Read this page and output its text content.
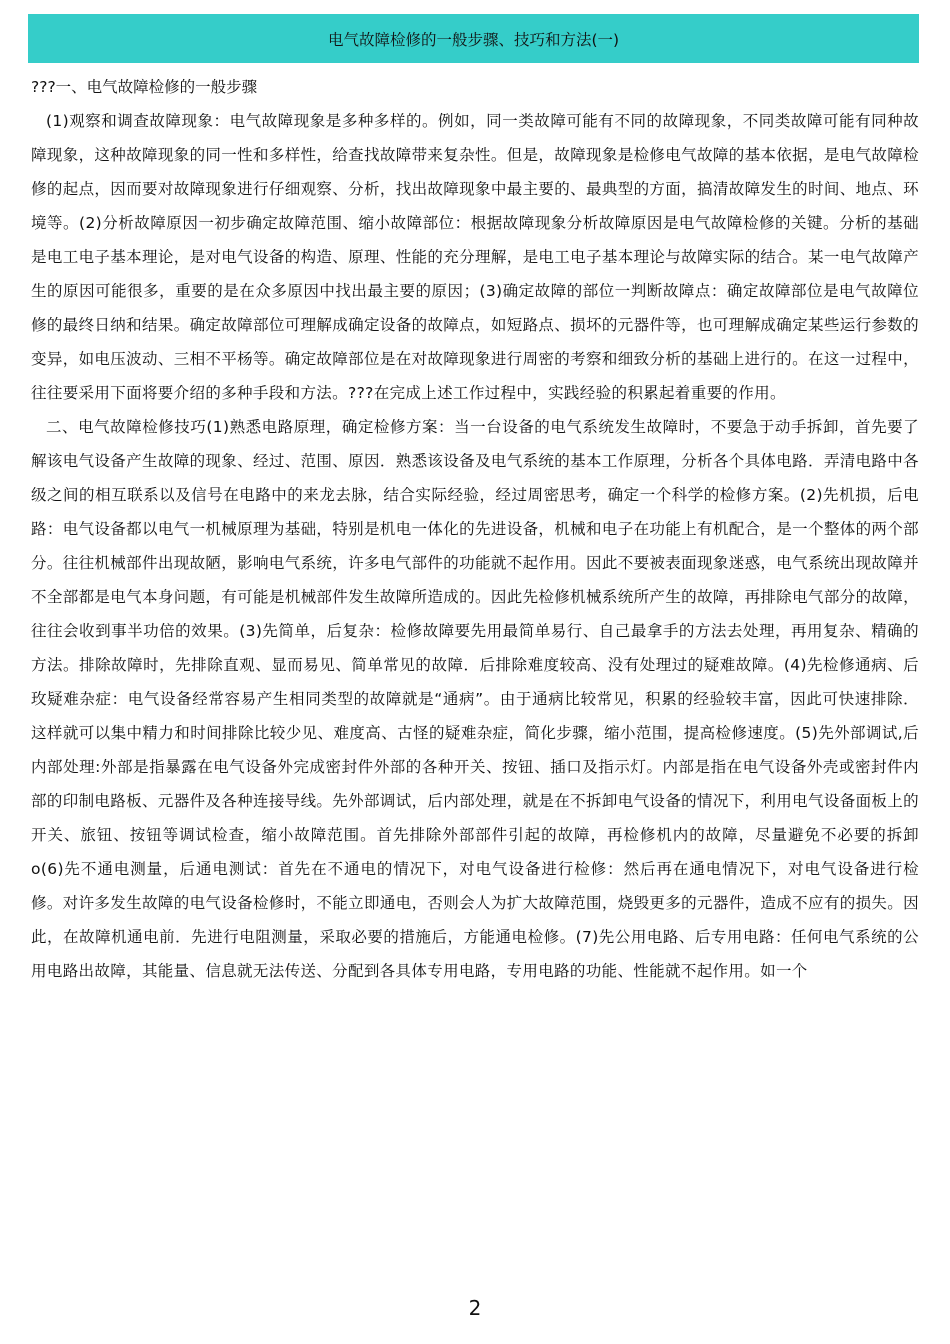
电气故障检修的一般步骤、技巧和方法(一)

???一、电气故障检修的一般步骤

(1)观察和调查故障现象：电气故障现象是多种多样的。例如，同一类故障可能有不同的故障现象，不同类故障可能有同种故障现象，这种故障现象的同一性和多样性，给查找故障带来复杂性。但是，故障现象是检修电气故障的基本依据，是电气故障检修的起点，因而要对故障现象进行仔细观察、分析，找出故障现象中最主要的、最典型的方面，搞清故障发生的时间、地点、环境等。(2)分析故障原因一初步确定故障范围、缩小故障部位：根据故障现象分析故障原因是电气故障检修的关键。分析的基础是电工电子基本理论，是对电气设备的构造、原理、性能的充分理解，是电工电子基本理论与故障实际的结合。某一电气故障产生的原因可能很多，重要的是在众多原因中找出最主要的原因；(3)确定故障的部位一判断故障点：确定故障部位是电气故障位修的最终日纳和结果。确定故障部位可理解成确定设备的故障点，如短路点、损坏的元器件等，也可理解成确定某些运行参数的变异，如电压波动、三相不平杨等。确定故障部位是在对故障现象进行周密的考察和细致分析的基础上进行的。在这一过程中，往往要采用下面将要介绍的多种手段和方法。???在完成上述工作过程中，实践经验的积累起着重要的作用。

二、电气故障检修技巧(1)熟悉电路原理，确定检修方案：当一台设备的电气系统发生故障时，不要急于动手拆卸，首先要了解该电气设备产生故障的现象、经过、范围、原因．熟悉该设备及电气系统的基本工作原理，分析各个具体电路．弄清电路中各级之间的相互联系以及信号在电路中的来龙去脉，结合实际经验，经过周密思考，确定一个科学的检修方案。(2)先机损，后电路：电气设备都以电气一机械原理为基础，特别是机电一体化的先进设备，机械和电子在功能上有机配合，是一个整体的两个部分。往往机械部件出现故陋，影响电气系统，许多电气部件的功能就不起作用。因此不要被表面现象迷惑，电气系统出现故障并不全部都是电气本身问题，有可能是机械部件发生故障所造成的。因此先检修机械系统所产生的故障，再排除电气部分的故障，往往会收到事半功倍的效果。(3)先简单，后复杂：检修故障要先用最简单易行、自己最拿手的方法去处理，再用复杂、精确的方法。排除故障时，先排除直观、显而易见、简单常见的故障．后排除难度较高、没有处理过的疑难故障。(4)先检修通病、后玫疑难杂症：电气设备经常容易产生相同类型的故障就是“通病”。由于通病比较常见，积累的经验较丰富，因此可快速排除．这样就可以集中精力和时间排除比较少见、难度高、古怪的疑难杂症，简化步骤，缩小范围，提高检修速度。(5)先外部调试,后内部处理:外部是指暴露在电气设备外完成密封件外部的各种开关、按钮、插口及指示灯。内部是指在电气设备外壳或密封件内部的印制电路板、元器件及各种连接导线。先外部调试，后内部处理，就是在不拆卸电气设备的情况下，利用电气设备面板上的开关、旅钮、按钮等调试检查，缩小故障范围。首先排除外部部件引起的故障，再检修机内的故障，尽量避免不必要的拆卸 o(6)先不通电测量，后通电测试：首先在不通电的情况下，对电气设备进行检修：然后再在通电情况下，对电气设备进行检修。对许多发生故障的电气设备检修时，不能立即通电，否则会人为扩大故障范围，烧毁更多的元器件，造成不应有的损失。因此，在故障机通电前．先进行电阻测量，采取必要的措施后，方能通电检修。(7)先公用电路、后专用电路：任何电气系统的公用电路出故障，其能量、信息就无法传送、分配到各具体专用电路，专用电路的功能、性能就不起作用。如一个

2
